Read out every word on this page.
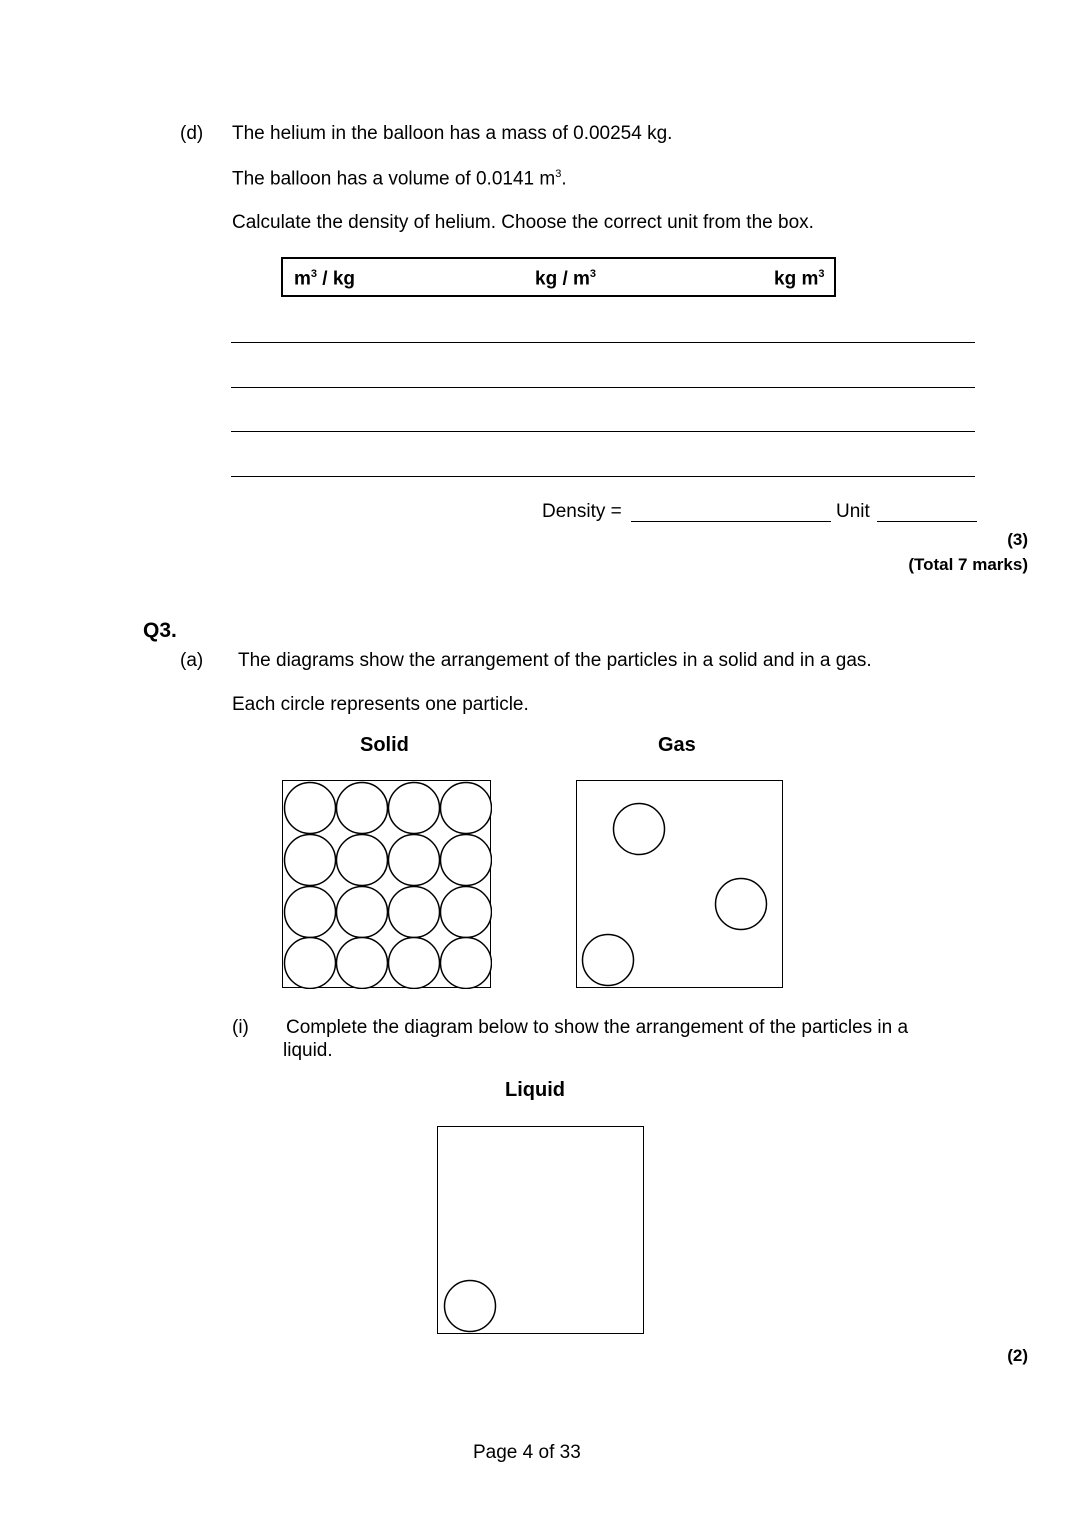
(d) The helium in the balloon has a mass of 0.00254 kg.
The balloon has a volume of 0.0141 $m^3$.
Calculate the density of helium. Choose the correct unit from the box.
$m^3$ / kg	kg / $m^3$	kg $m^3$
Density =	Unit
(3)
(Total 7 marks)
Q3.
(a) The diagrams show the arrangement of the particles in a solid and in a gas.
Each circle represents one particle.
Solid	Gas
(i) Complete the diagram below to show the arrangement of the particles in a
liquid.
Liquid
(2)
Page 4 of 33
